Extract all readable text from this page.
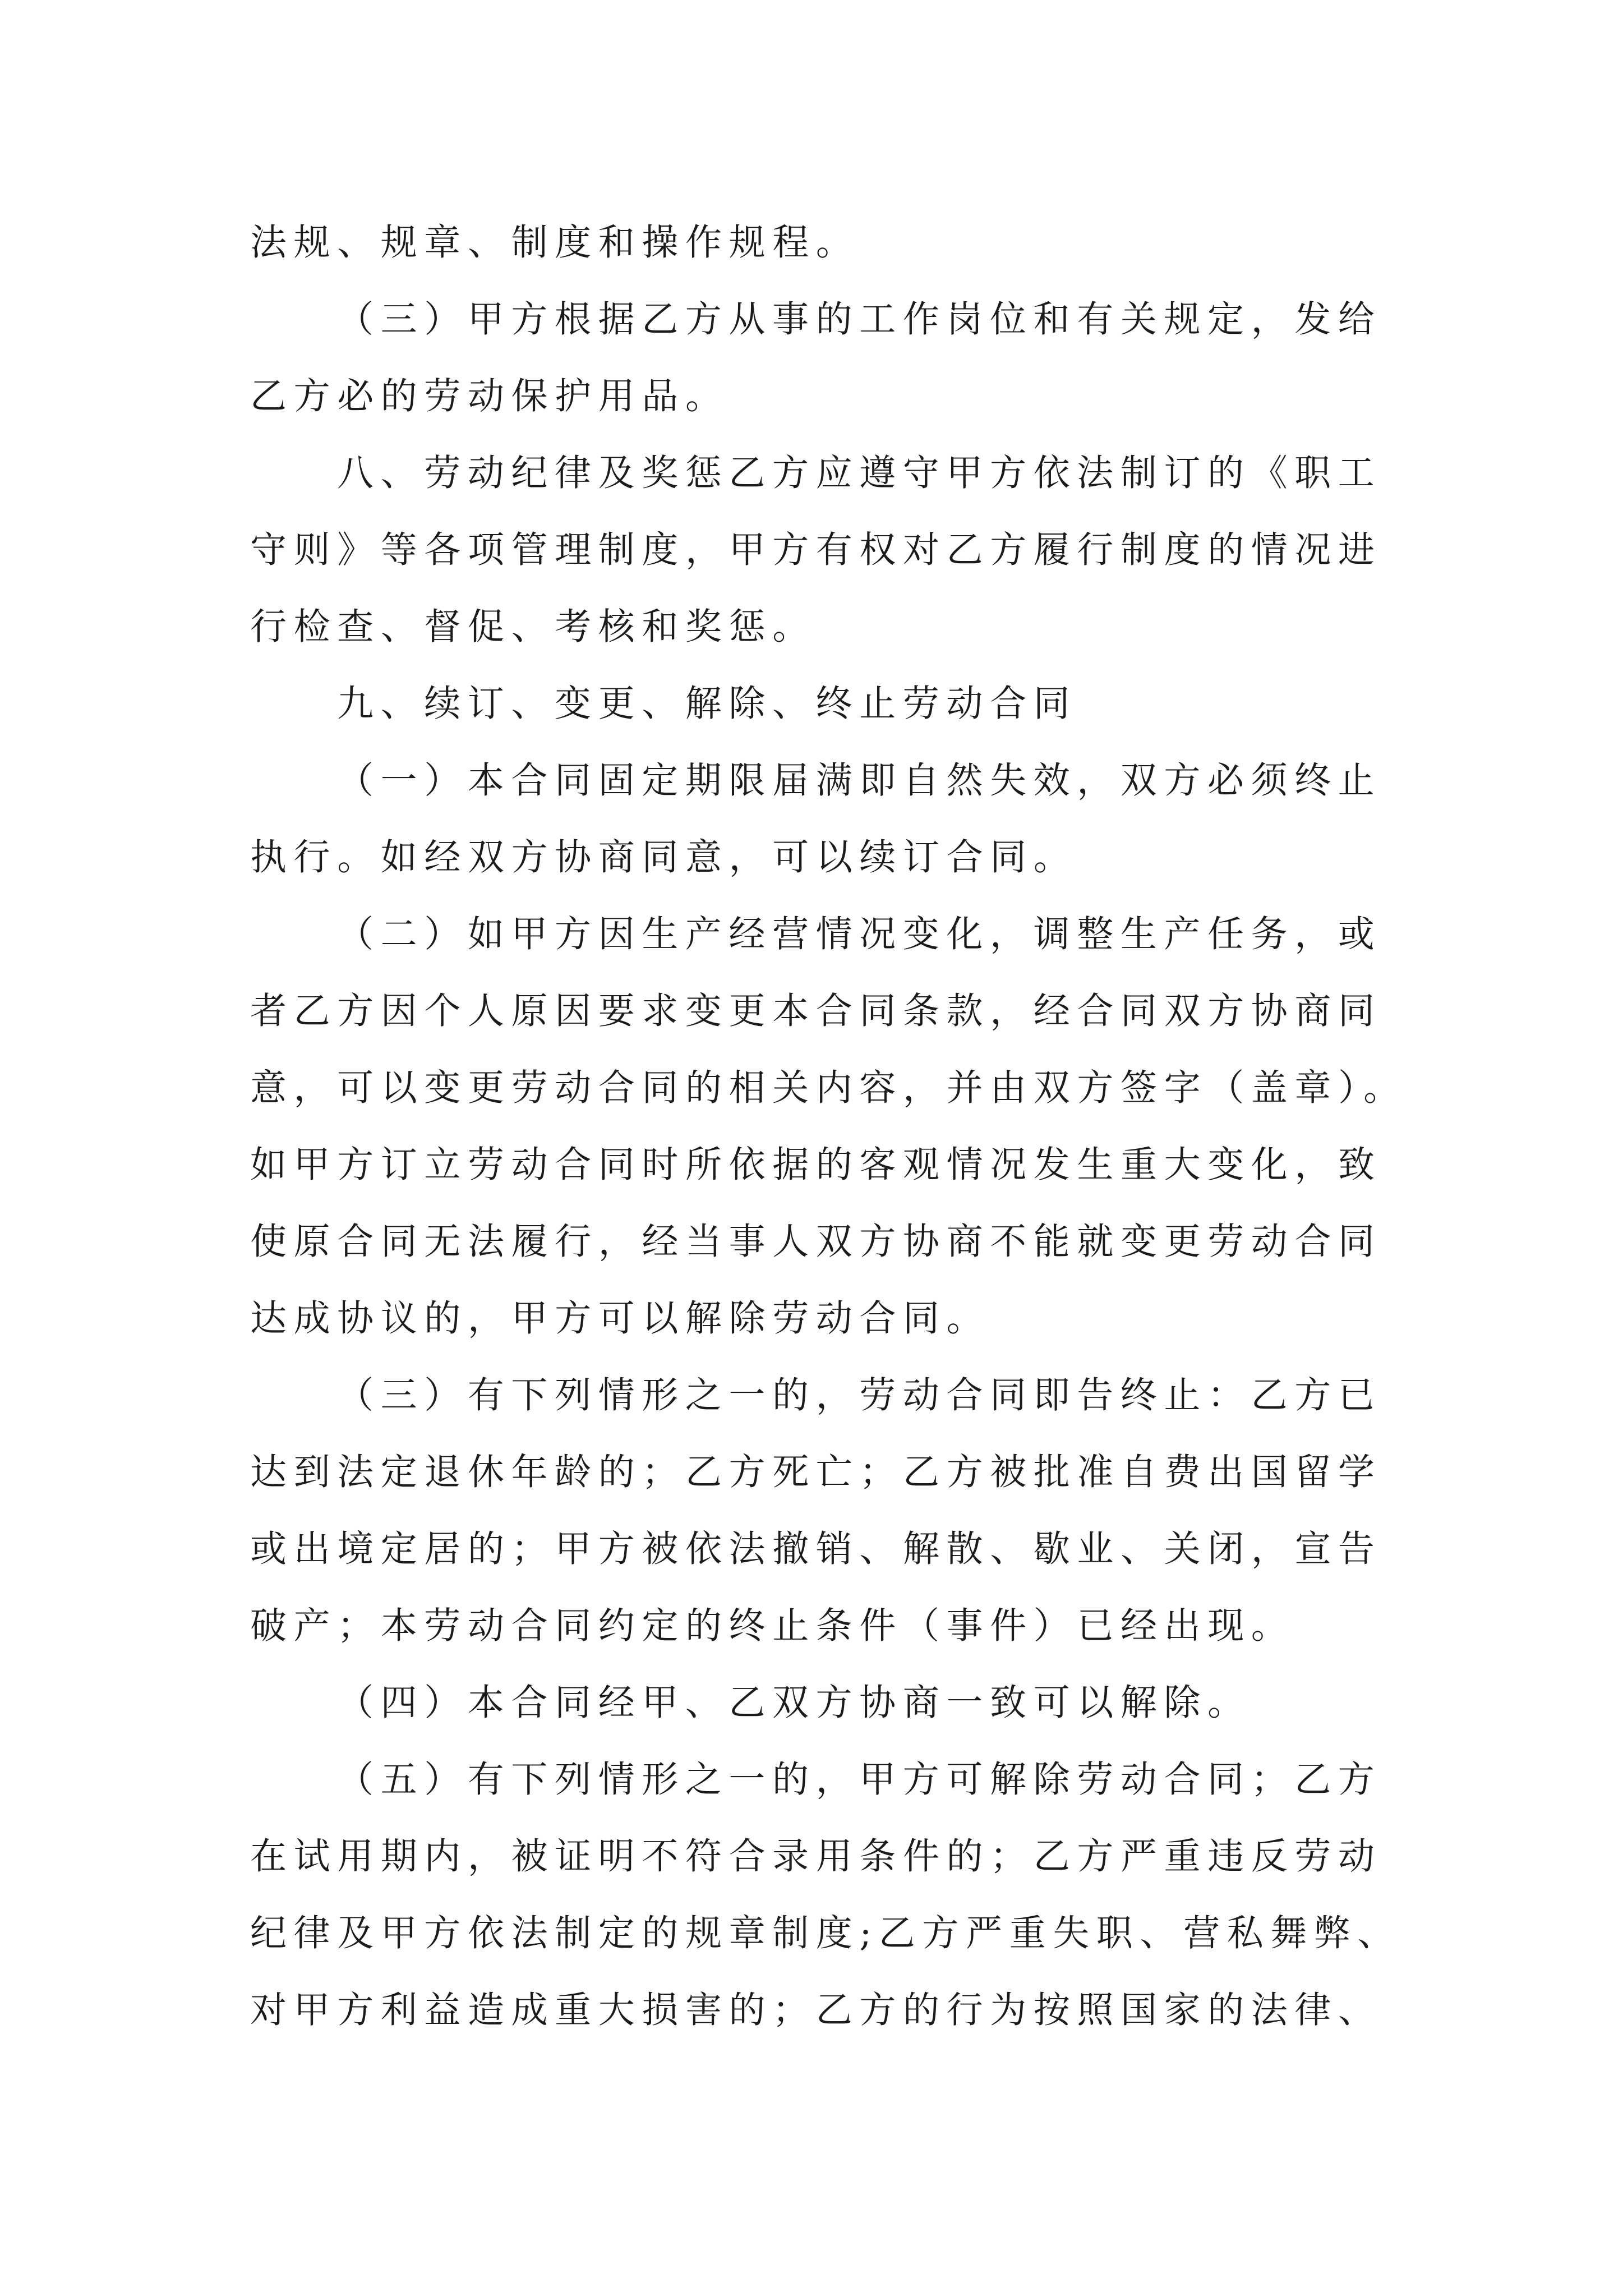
法规、规章、制度和操作规程。
（三）甲方根据乙方从事的工作岗位和有关规定，发给
乙方必的劳动保护用品。
八、劳动纪律及奖惩乙方应遵守甲方依法制订的《职工
守则》等各项管理制度，甲方有权对乙方履行制度的情况进
行检查、督促、考核和奖惩。
九、续订、变更、解除、终止劳动合同
（一）本合同固定期限届满即自然失效，双方必须终止
执行。如经双方协商同意，可以续订合同。
（二）如甲方因生产经营情况变化，调整生产任务，或
者乙方因个人原因要求变更本合同条款，经合同双方协商同
意，可以变更劳动合同的相关内容，并由双方签字（盖章）。
如甲方订立劳动合同时所依据的客观情况发生重大变化，致
使原合同无法履行，经当事人双方协商不能就变更劳动合同
达成协议的，甲方可以解除劳动合同。
（三）有下列情形之一的，劳动合同即告终止：乙方已
达到法定退休年龄的；乙方死亡；乙方被批准自费出国留学
或出境定居的；甲方被依法撤销、解散、歇业、关闭，宣告
破产；本劳动合同约定的终止条件（事件）已经出现。
（四）本合同经甲、乙双方协商一致可以解除。
（五）有下列情形之一的，甲方可解除劳动合同；乙方
在试用期内，被证明不符合录用条件的；乙方严重违反劳动
纪律及甲方依法制定的规章制度;乙方严重失职、营私舞弊、
对甲方利益造成重大损害的；乙方的行为按照国家的法律、
